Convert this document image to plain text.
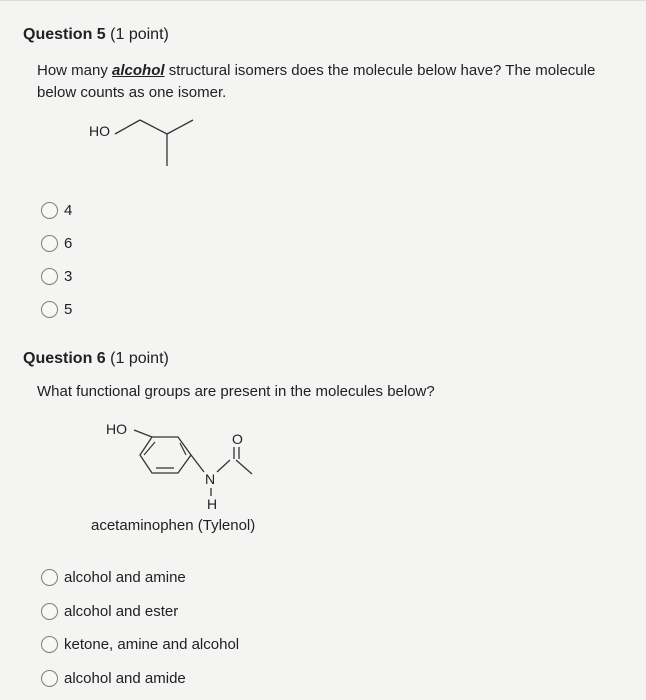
Question 5 (1 point)
How many alcohol structural isomers does the molecule below have? The molecule
below counts as one isomer.
HO
4
6
3
5
Question 6 (1 point)
What functional groups are present in the molecules below?
HO
O
N
H
acetaminophen (Tylenol)
alcohol and amine
alcohol and ester
ketone, amine and alcohol
alcohol and amide
